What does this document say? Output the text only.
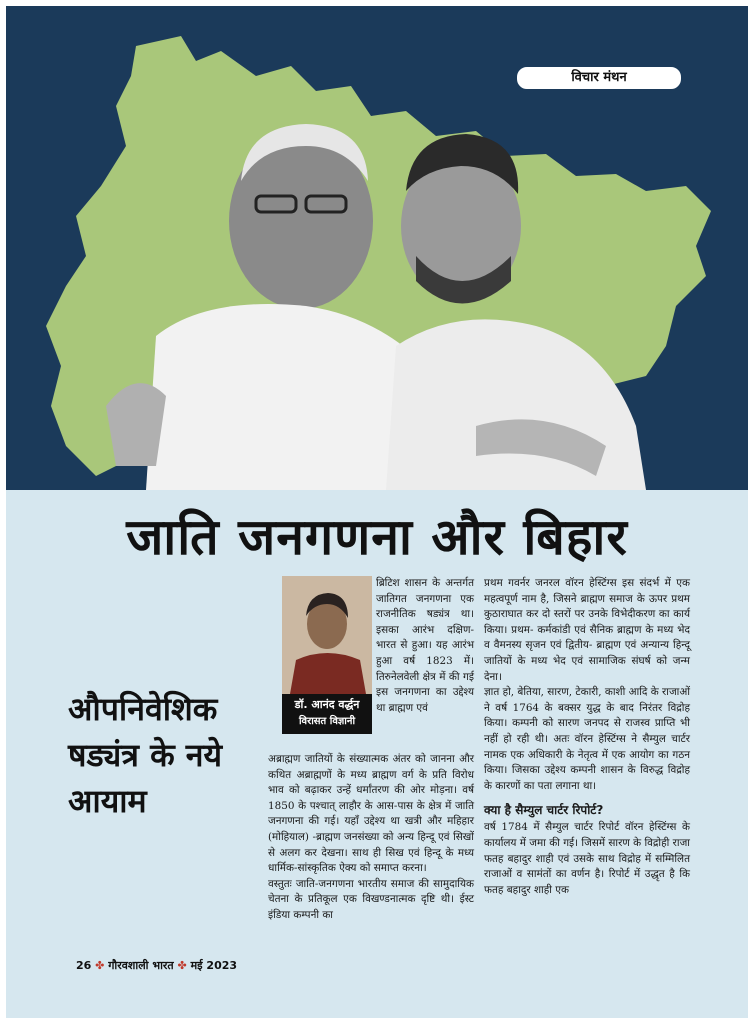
विचार मंथन
जाति जनगणना और बिहार
औपनिवेशिक षड्यंत्र के नये आयाम
डॉ. आनंद वर्द्धन
विरासत विज्ञानी

ब्रिटिश शासन के अन्तर्गत जातिगत जनगणना एक राजनीतिक षड्यंत्र था। इसका आरंभ दक्षिण-भारत से हुआ। यह आरंभ हुआ वर्ष 1823 में। तिरुनेलवेली क्षेत्र में की गई इस जनगणना का उद्देश्य था ब्राह्मण एवं

अब्राह्मण जातियों के संख्यात्मक अंतर को जानना और कथित अब्राह्मणों के मध्य ब्राह्मण वर्ग के प्रति विरोध भाव को बढ़ाकर उन्हें धर्मांतरण की ओर मोड़ना। वर्ष 1850 के पश्चात् लाहौर के आस-पास के क्षेत्र में जाति जनगणना की गई। यहाँ उद्देश्य था खत्री और महिहार (मोहियाल) -ब्राह्मण जनसंख्या को अन्य हिन्दू एवं सिखों से अलग कर देखना। साथ ही सिख एवं हिन्दू के मध्य धार्मिक-सांस्कृतिक ऐक्य को समाप्त करना।

वस्तुतः जाति-जनगणना भारतीय समाज की सामुदायिक चेतना के प्रतिकूल एक विखण्डनात्मक दृष्टि थी। ईस्ट इंडिया कम्पनी का

प्रथम गवर्नर जनरल वॉरन हेस्टिंग्स इस संदर्भ में एक महत्वपूर्ण नाम है, जिसने ब्राह्मण समाज के ऊपर प्रथम कुठाराघात कर दो स्तरों पर उनके विभेदीकरण का कार्य किया। प्रथम- कर्मकांडी एवं सैनिक ब्राह्मण के मध्य भेद व वैमनस्य सृजन एवं द्वितीय- ब्राह्मण एवं अन्यान्य हिन्दू जातियों के मध्य भेद एवं सामाजिक संघर्ष को जन्म देना।

ज्ञात हो, बेतिया, सारण, टेकारी, काशी आदि के राजाओं ने वर्ष 1764 के बक्सर युद्ध के बाद निरंतर विद्रोह किया। कम्पनी को सारण जनपद से राजस्व प्राप्ति भी नहीं हो रही थी। अतः वॉरन हेस्टिंग्स ने सैम्युल चार्टर नामक एक अधिकारी के नेतृत्व में एक आयोग का गठन किया। जिसका उद्देश्य कम्पनी शासन के विरुद्ध विद्रोह के कारणों का पता लगाना था।

क्या है सैम्युल चार्टर रिपोर्ट?

वर्ष 1784 में सैम्युल चार्टर रिपोर्ट वॉरन हेस्टिंग्स के कार्यालय में जमा की गई। जिसमें सारण के विद्रोही राजा फतह बहादुर शाही एवं उसके साथ विद्रोह में सम्मिलित राजाओं व सामंतों का वर्णन है। रिपोर्ट में उद्धृत है कि फतह बहादुर शाही एक

26 ✤ गौरवशाली भारत ✤ मई 2023
